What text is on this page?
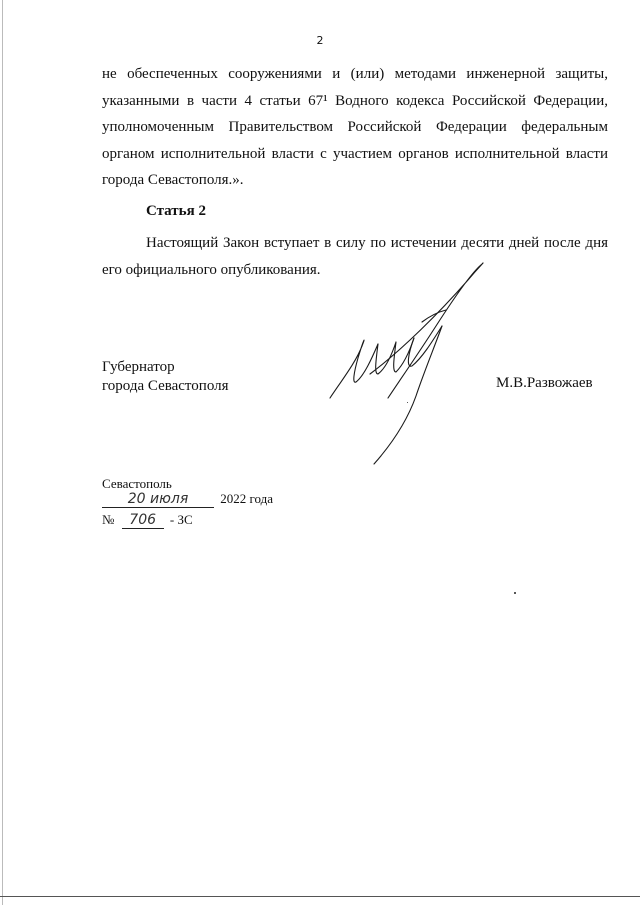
2

не обеспеченных сооружениями и (или) методами инженерной защиты, указанными в части 4 статьи 67¹ Водного кодекса Российской Федерации, уполномоченным Правительством Российской Федерации федеральным органом исполнительной власти с участием органов исполнительной власти города Севастополя.».

Статья 2

Настоящий Закон вступает в силу по истечении десяти дней после дня его официального опубликования.

Губернатор
города Севастополя	М.В.Развожаев
Севастополь
20 июля 2022 года
№ 706 - ЗС
